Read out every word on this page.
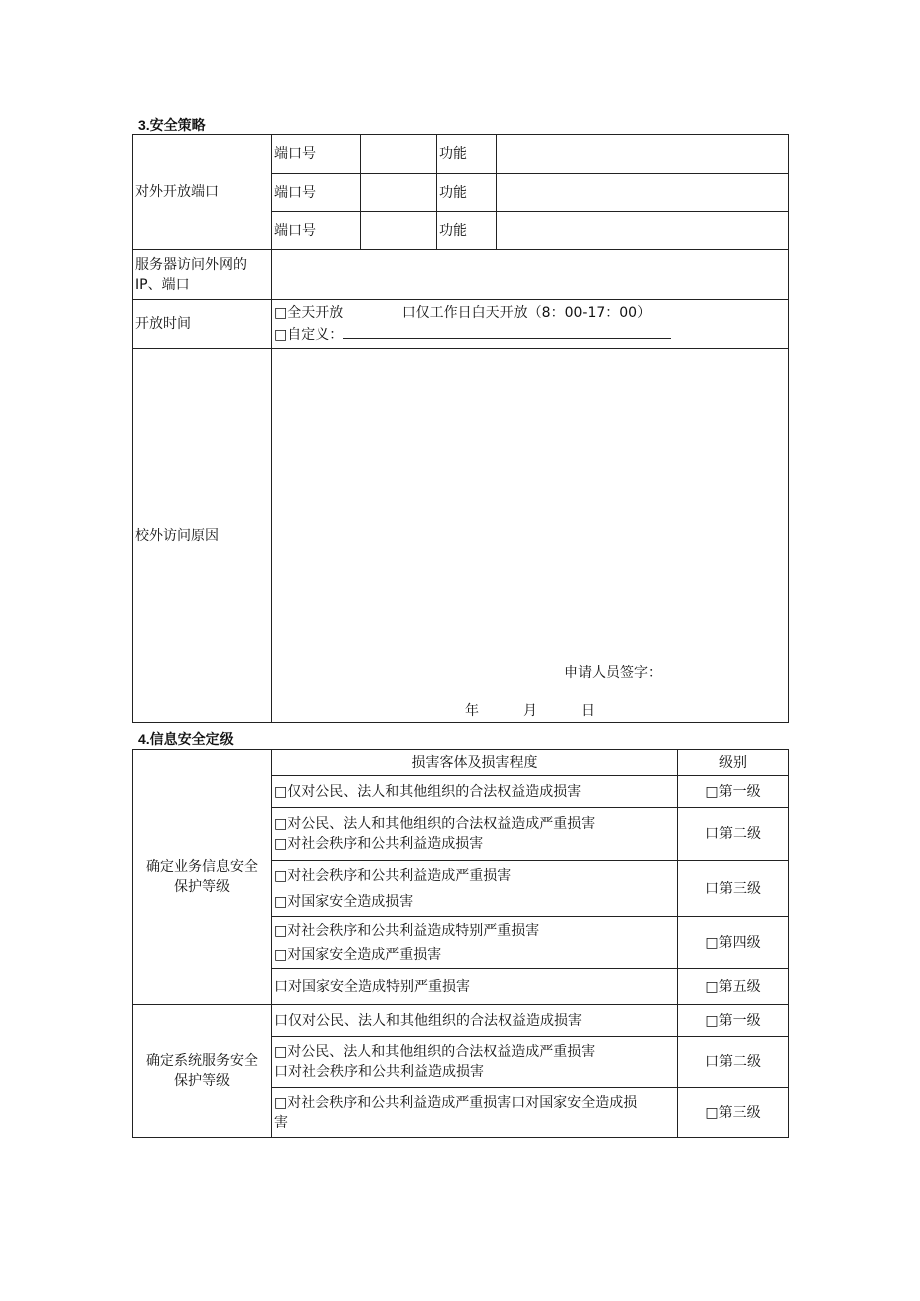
3.安全策略
对外开放端口	端口号		功能	
	端口号		功能	
	端口号		功能	

服务器访问外网的
IP、端口				

开放时间	□全天开放 口仅工作日白天开放（8：00-17：00）
□自定义：			

校外访问原因	申请人员签字：
年 月 日			
4.信息安全定级
确定业务信息安全
保护等级	损害客体及损害程度	级别

	□仅对公民、法人和其他组织的合法权益造成损害	□第一级

	□对公民、法人和其他组织的合法权益造成严重损害
□对社会秩序和公共利益造成损害	口第二级

	□对社会秩序和公共利益造成严重损害
□对国家安全造成损害	口第三级

	□对社会秩序和公共利益造成特别严重损害
□对国家安全造成严重损害	□第四级

	口对国家安全造成特别严重损害	□第五级

确定系统服务安全
保护等级	口仅对公民、法人和其他组织的合法权益造成损害	□第一级

	□对公民、法人和其他组织的合法权益造成严重损害
口对社会秩序和公共利益造成损害	口第二级

	□对社会秩序和公共利益造成严重损害口对国家安全造成损
害	□第三级
